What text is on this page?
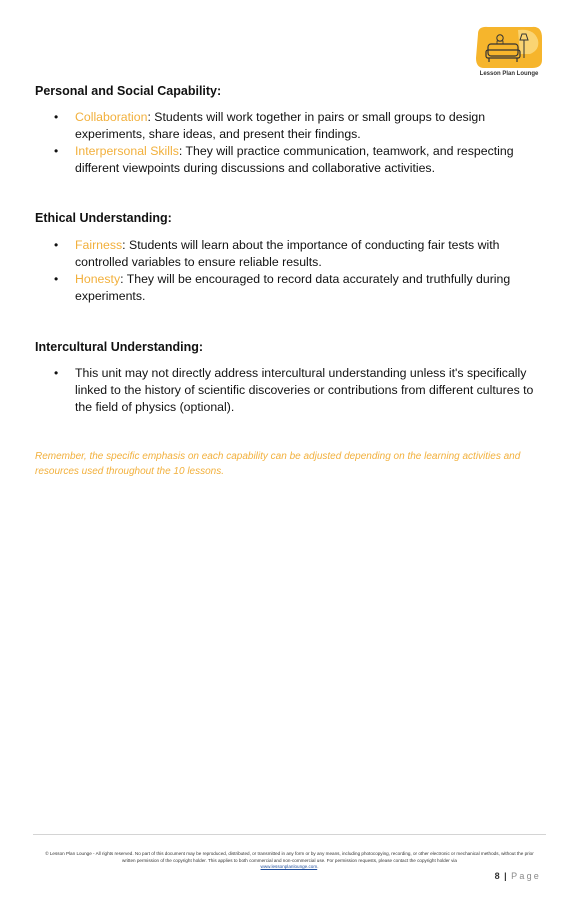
Lesson Plan Lounge
Personal and Social Capability:
• Collaboration: Students will work together in pairs or small groups to design experiments, share ideas, and present their findings.
• Interpersonal Skills: They will practice communication, teamwork, and respecting different viewpoints during discussions and collaborative activities.
Ethical Understanding:
• Fairness: Students will learn about the importance of conducting fair tests with controlled variables to ensure reliable results.
• Honesty: They will be encouraged to record data accurately and truthfully during experiments.
Intercultural Understanding:
• This unit may not directly address intercultural understanding unless it's specifically linked to the history of scientific discoveries or contributions from different cultures to the field of physics (optional).

Remember, the specific emphasis on each capability can be adjusted depending on the learning activities and resources used throughout the 10 lessons.

© Lesson Plan Lounge - All rights reserved. No part of this document may be reproduced, distributed, or transmitted in any form or by any means, including photocopying, recording, or other electronic or mechanical methods, without the prior written permission of the copyright holder. This applies to both commercial and non-commercial use. For permission requests, please contact the copyright holder via
www.lessonplanlounge.com.

8 | Page
